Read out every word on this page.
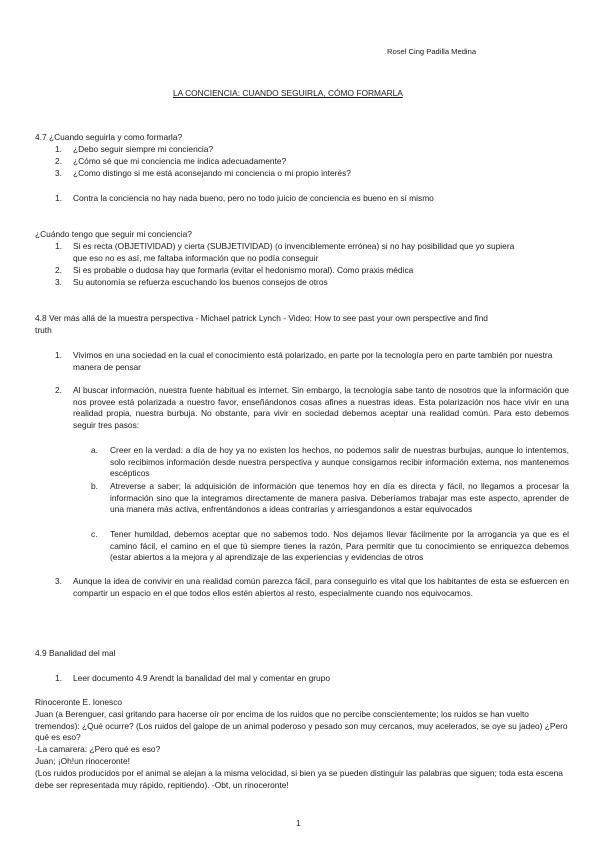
Rosel Cing Padilla Medina
LA CONCIENCIA: CUANDO SEGUIRLA, CÓMO FORMARLA
4.7 ¿Cuando seguirla y como formarla?
1. ¿Debo seguir siempre mi conciencia?
2. ¿Cómo sé que mi conciencia me indica adecuadamente?
3. ¿Como distingo si me está aconsejando mi conciencia o mi propio interés?
1. Contra la conciencia no hay nada bueno, pero no todo juicio de conciencia es bueno en sí mismo
¿Cuándo tengo que seguir mi conciencia?
1. Si es recta (OBJETIVIDAD) y cierta (SUBJETIVIDAD) (o invenciblemente errónea) si no hay posibilidad que yo supiera
que eso no es así, me faltaba información que no podía conseguir
2. Si es probable o dudosa hay que formarla (evitar el hedonismo moral). Como praxis médica
3. Su autonomía se refuerza escuchando los buenos consejos de otros
4.8 Ver más allá de la muestra perspectiva - Michael patrick Lynch - Video: How to see past your own perspective and find
truth
1. Vivimos en una sociedad en la cual el conocimiento está polarizado, en parte por la tecnología pero en parte también por nuestra manera de pensar
2. Al buscar información, nuestra fuente habitual es internet. Sin embargo, la tecnología sabe tanto de nosotros que la información que nos provee está polarizada a nuestro favor, enseñándonos cosas afines a nuestras ideas. Esta polarización nos hace vivir en una realidad propia, nuestra burbuja. No obstante, para vivir en sociedad debemos aceptar una realidad común. Para esto debemos seguir tres pasos:
a. Creer en la verdad: a día de hoy ya no existen los hechos, no podemos salir de nuestras burbujas, aunque lo intentemos, solo recibimos información desde nuestra perspectiva y aunque consigamos recibir información externa, nos mantenemos escépticos
b. Atreverse a saber; la adquisición de información que tenemos hoy en día es directa y fácil, no llegamos a procesar la información sino que la integramos directamente de manera pasiva. Deberíamos trabajar mas este aspecto, aprender de una manera más activa, enfrentándonos a ideas contrarias y arriesgandonos a estar equivocados
c. Tener humildad, debemos aceptar que no sabemos todo. Nos dejamos llevar fácilmente por la arrogancia ya que es el camino fácil, el camino en el que tú siempre tienes la razón, Para permitir que tu conocimiento se enriquezca debemos (estar abiertos a la mejora y al aprendizaje de las experiencias y evidencias de otros
3. Aunque la idea de convivir en una realidad común parezca fácil, para conseguirlo es vital que los habitantes de esta se esfuercen en compartir un espacio en el que todos ellos estén abiertos al resto, especialmente cuando nos equivocamos.
4.9 Banalidad del mal
1. Leer documento 4.9 Arendt la banalidad del mal y comentar en grupo
Rinoceronte E. Ionesco
Juan (a Berenguer, casi gritando para hacerse oír por encima de los ruidos que no percibe conscientemente; los ruidos se han vuelto tremendos): ¿Qué ocurre? (Los ruidos del galope de un animal poderoso y pesado son muy cercanos, muy acelerados, se oye su jadeo) ¿Pero qué es eso?
-La camarera: ¿Pero qué es eso?
Juan; ¡Oh!un rinoceronte!
(Los ruidos producidos por el animal se alejan a la misma velocidad, si bien ya se pueden distinguir las palabras que siguen; toda esta escena debe ser representada muy rápido, repitiendo). -Obt, un rinoceronte!
1
